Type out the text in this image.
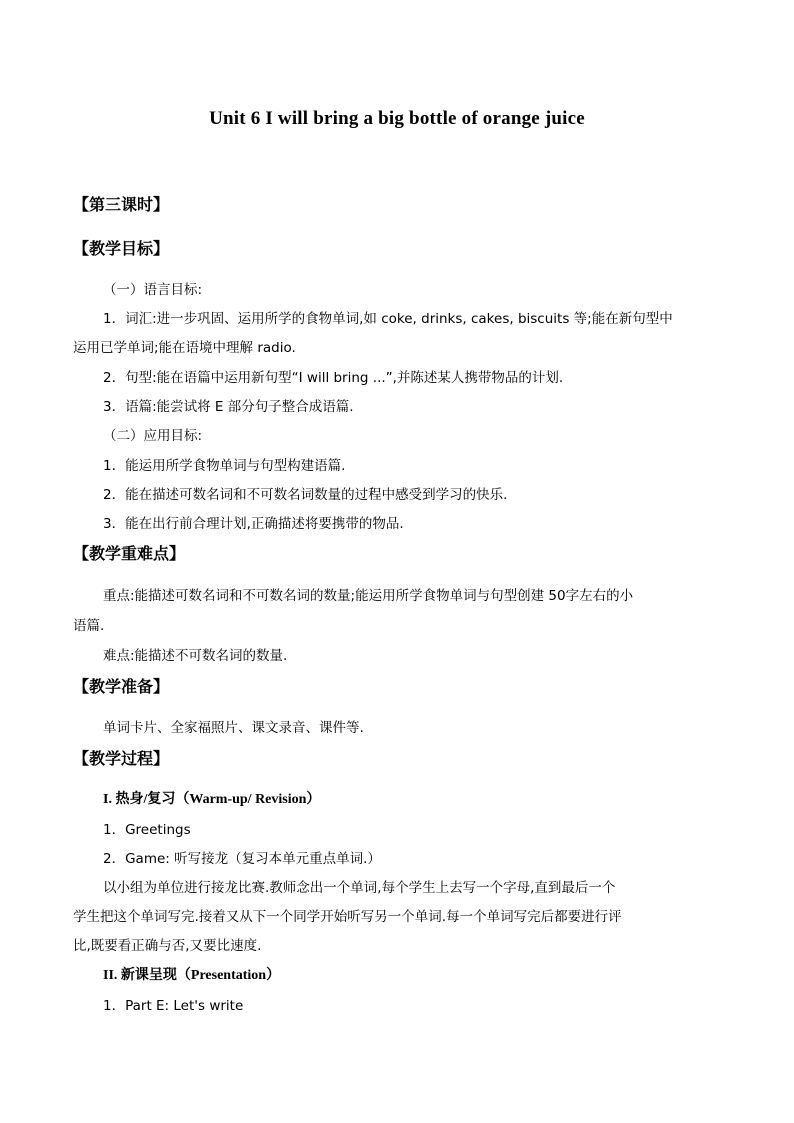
Unit 6 I will bring a big bottle of orange juice
【第三课时】
【教学目标】
（一）语言目标:
1．词汇:进一步巩固、运用所学的食物单词,如 coke, drinks, cakes, biscuits 等;能在新句型中
运用已学单词;能在语境中理解 radio.
2．句型:能在语篇中运用新句型“I will bring ...”,并陈述某人携带物品的计划.
3．语篇:能尝试将 E 部分句子整合成语篇.
（二）应用目标:
1．能运用所学食物单词与句型构建语篇.
2．能在描述可数名词和不可数名词数量的过程中感受到学习的快乐.
3．能在出行前合理计划,正确描述将要携带的物品.
【教学重难点】
重点:能描述可数名词和不可数名词的数量;能运用所学食物单词与句型创建 50字左右的小
语篇.
难点:能描述不可数名词的数量.
【教学准备】
单词卡片、全家福照片、课文录音、课件等.
【教学过程】
I. 热身/复习（Warm-up/ Revision）
1．Greetings
2．Game: 听写接龙（复习本单元重点单词.）
以小组为单位进行接龙比赛.教师念出一个单词,每个学生上去写一个字母,直到最后一个
学生把这个单词写完.接着又从下一个同学开始听写另一个单词.每一个单词写完后都要进行评
比,既要看正确与否,又要比速度.
II. 新课呈现（Presentation）
1．Part E: Let's write
